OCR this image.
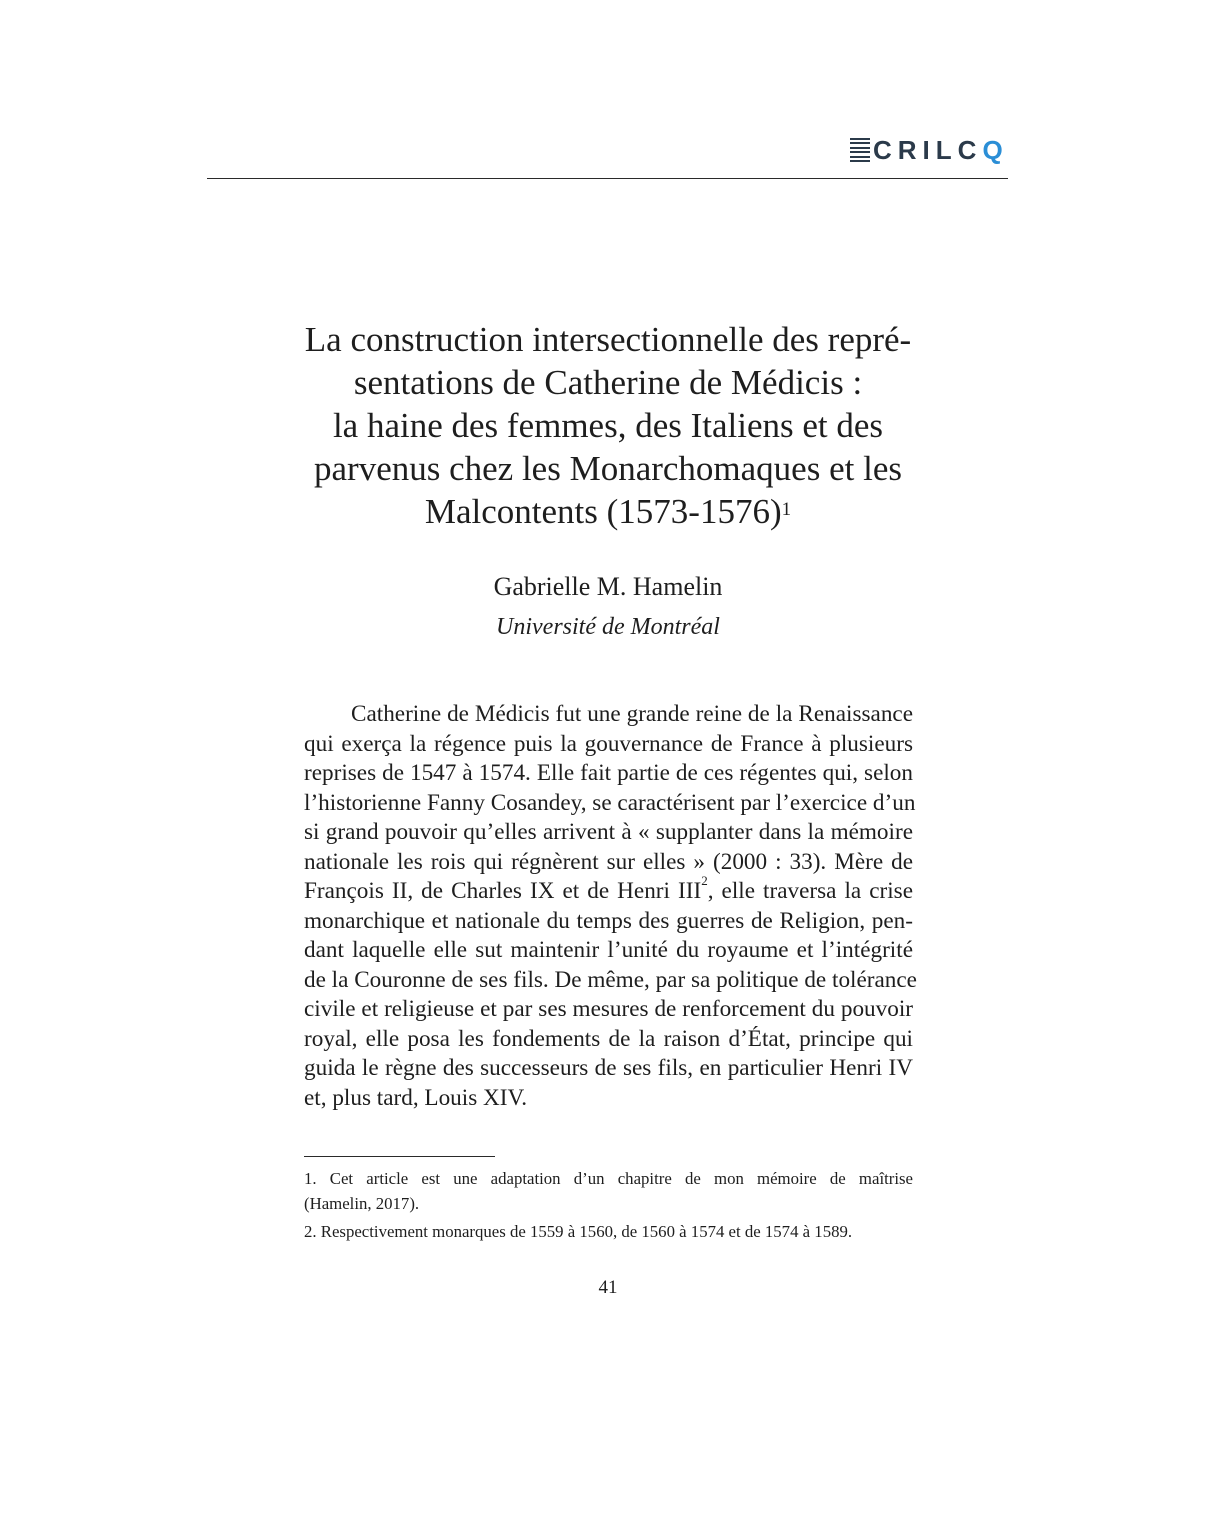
CRILCQ
La construction intersectionnelle des repré-
sentations de Catherine de Médicis :
la haine des femmes, des Italiens et des
parvenus chez les Monarchomaques et les
Malcontents (1573-1576)$^1$
Gabrielle M. Hamelin
Université de Montréal
Catherine de Médicis fut une grande reine de la Renaissance
qui exerça la régence puis la gouvernance de France à plusieurs
reprises de 1547 à 1574. Elle fait partie de ces régentes qui, selon
l’historienne Fanny Cosandey, se caractérisent par l’exercice d’un
si grand pouvoir qu’elles arrivent à « supplanter dans la mémoire
nationale les rois qui régnèrent sur elles » (2000 : 33). Mère de
François II, de Charles IX et de Henri III$^2$, elle traversa la crise
monarchique et nationale du temps des guerres de Religion, pen-
dant laquelle elle sut maintenir l’unité du royaume et l’intégrité
de la Couronne de ses fils. De même, par sa politique de tolérance
civile et religieuse et par ses mesures de renforcement du pouvoir
royal, elle posa les fondements de la raison d’État, principe qui
guida le règne des successeurs de ses fils, en particulier Henri IV
et, plus tard, Louis XIV.
1. Cet article est une adaptation d’un chapitre de mon mémoire de maîtrise
(Hamelin, 2017).
2. Respectivement monarques de 1559 à 1560, de 1560 à 1574 et de 1574 à 1589.
41
